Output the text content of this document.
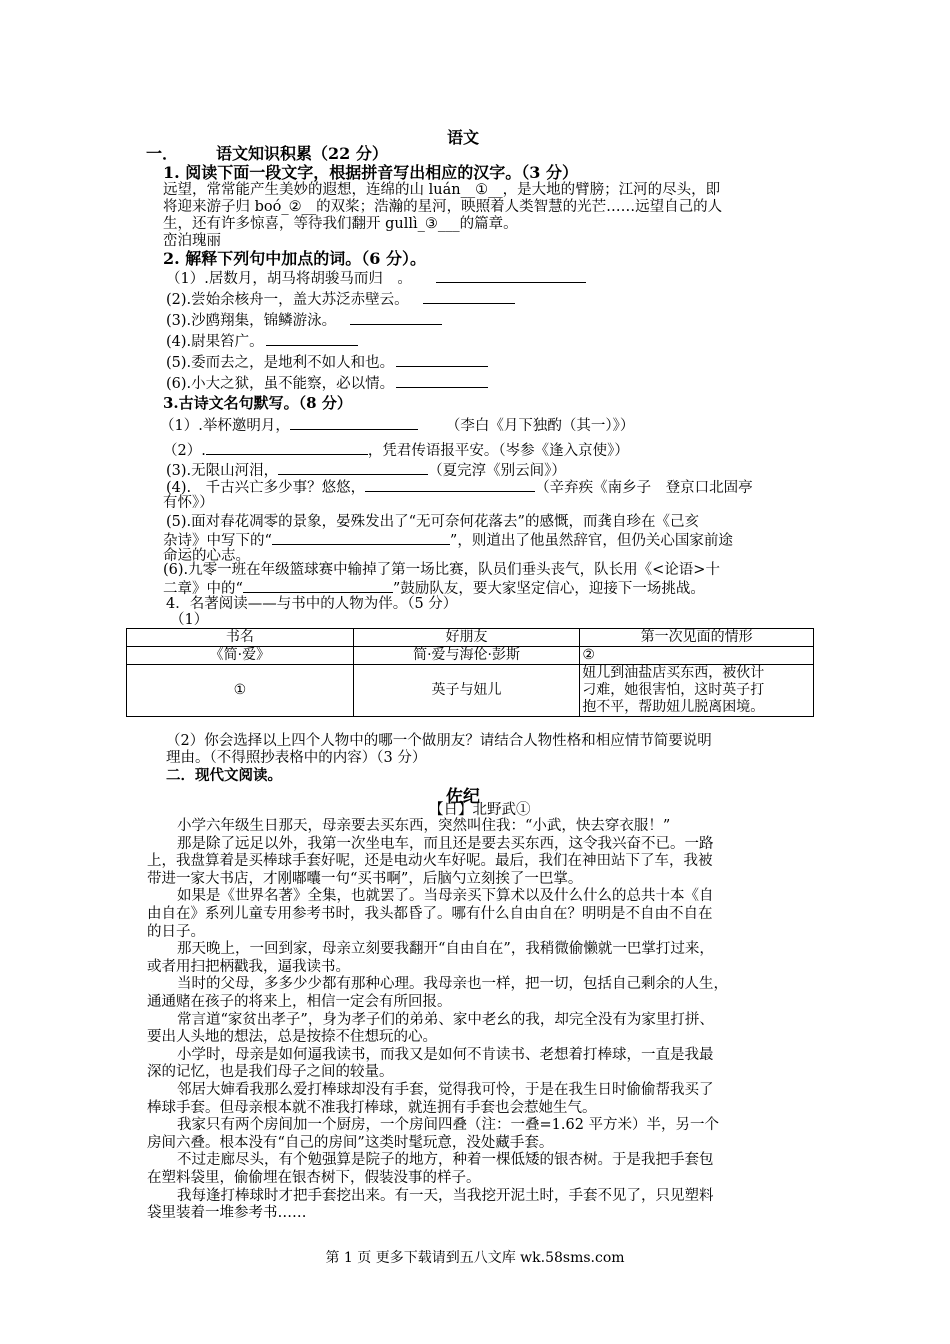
语文
一． 语文知识积累（22 分）
1. 阅读下面一段文字，根据拼音写出相应的汉字。（3 分）
远望，常常能产生美妙的遐想，连绵的山 luán__①__，是大地的臂膀；江河的尽头，即
将迎来游子归 boó_②__的双桨；浩瀚的星河，映照着人类智慧的光芒……远望自己的人
生，还有许多惊喜，等待我们翻开 gullì_③___的篇章。
峦泊瑰丽
2. 解释下列句中加点的词。（6 分）。
（1）.居数月，胡马将胡骏马而归　。
(2).尝始余核舟一，盖大苏泛赤壁云。
(3).沙鸥翔集，锦鳞游泳。
(4).尉果笞广。
(5).委而去之，是地利不如人和也。
(6).小大之狱，虽不能察，必以情。
3.古诗文名句默写。（8 分）
（1）.举杯邀明月，	（李白《月下独酌（其一）》）
（2）.	，凭君传语报平安。（岑参《逢入京使》）
(3).无限山河泪，	（夏完淳《别云间》）
(4).　千古兴亡多少事？悠悠，	（辛弃疾《南乡子　登京口北固亭
有怀》）
(5).面对春花凋零的景象，晏殊发出了“无可奈何花落去”的感慨，而龚自珍在《己亥
杂诗》中写下的“	”，则道出了他虽然辞官，但仍关心国家前途
命运的心志。
(6).九零一班在年级篮球赛中输掉了第一场比赛，队员们垂头丧气，队长用《<论语>十
二章》中的“	”鼓励队友，要大家坚定信心，迎接下一场挑战。
4．名著阅读——与书中的人物为伴。（5 分）
（1）
书名	好朋友	第一次见面的情形
《简·爱》	简·爱与海伦·彭斯	②
①	英子与妞儿	妞儿到油盐店买东西，被伙计
刁难，她很害怕，这时英子打
抱不平，帮助妞儿脱离困境。
（2）你会选择以上四个人物中的哪一个做朋友？请结合人物性格和相应情节简要说明
理由。（不得照抄表格中的内容）（3 分）
二．现代文阅读。
佐纪
【日】北野武①
小学六年级生日那天，母亲要去买东西，突然叫住我：“小武，快去穿衣服！”
那是除了远足以外，我第一次坐电车，而且还是要去买东西，这令我兴奋不已。一路
上，我盘算着是买棒球手套好呢，还是电动火车好呢。最后，我们在神田站下了车，我被
带进一家大书店，才刚嘟囔一句“买书啊”，后脑勺立刻挨了一巴掌。
如果是《世界名著》全集，也就罢了。当母亲买下算术以及什么什么的总共十本《自
由自在》系列儿童专用参考书时，我头都昏了。哪有什么自由自在？明明是不自由不自在
的日子。
那天晚上，一回到家，母亲立刻要我翻开“自由自在”，我稍微偷懒就一巴掌打过来，
或者用扫把柄戳我，逼我读书。
当时的父母，多多少少都有那种心理。我母亲也一样，把一切，包括自己剩余的人生，
通通赌在孩子的将来上，相信一定会有所回报。
常言道“家贫出孝子”，身为孝子们的弟弟、家中老幺的我，却完全没有为家里打拼、
要出人头地的想法，总是按捺不住想玩的心。
小学时，母亲是如何逼我读书，而我又是如何不肯读书、老想着打棒球，一直是我最
深的记忆，也是我们母子之间的较量。
邻居大婶看我那么爱打棒球却没有手套，觉得我可怜，于是在我生日时偷偷帮我买了
棒球手套。但母亲根本就不准我打棒球，就连拥有手套也会惹她生气。
我家只有两个房间加一个厨房，一个房间四叠（注：一叠=1.62 平方米）半，另一个
房间六叠。根本没有“自己的房间”这类时髦玩意，没处藏手套。
不过走廊尽头，有个勉强算是院子的地方，种着一棵低矮的银杏树。于是我把手套包
在塑料袋里，偷偷埋在银杏树下，假装没事的样子。
我每逢打棒球时才把手套挖出来。有一天，当我挖开泥土时，手套不见了，只见塑料
袋里装着一堆参考书……
第 1 页 更多下载请到五八文库 wk.58sms.com
